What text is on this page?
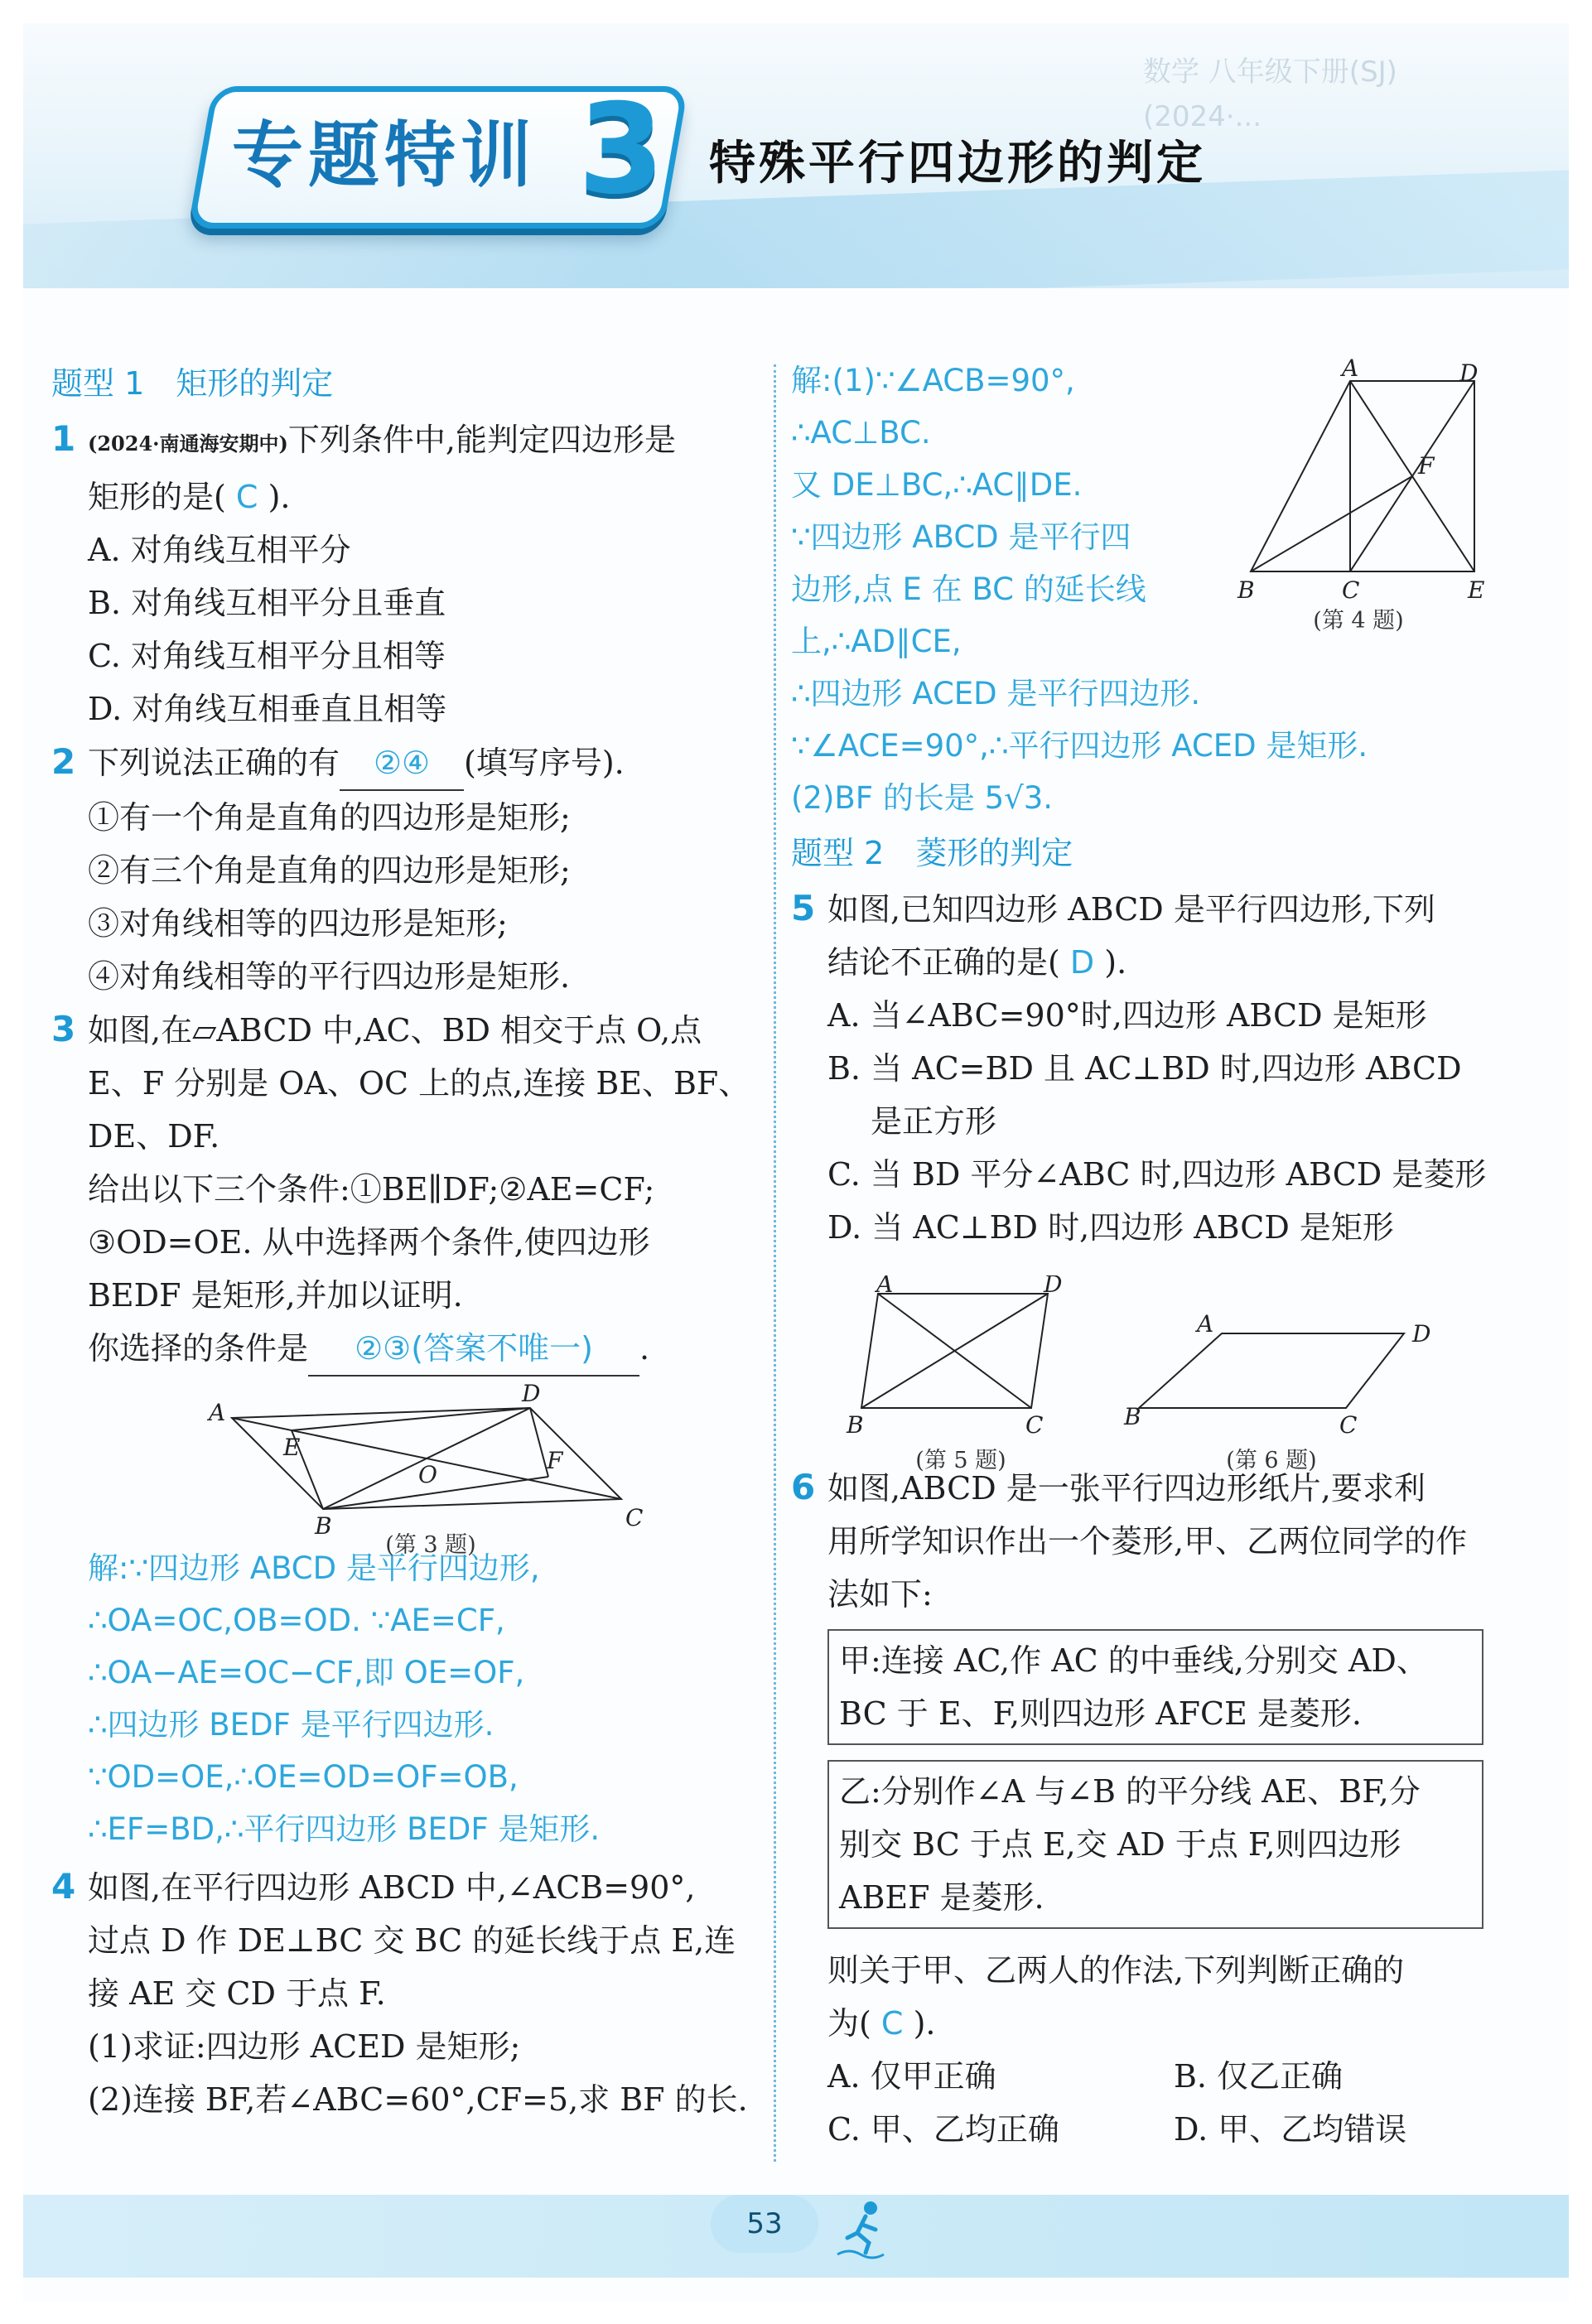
数学 八年级下册(SJ)
(2024·...
专题特训 3 特殊平行四边形的判定

题型 1　矩形的判定

1 (2024·南通海安期中)下列条件中,能判定四边形是

矩形的是( C ).

A. 对角线互相平分

B. 对角线互相平分且垂直

C. 对角线互相平分且相等

D. 对角线互相垂直且相等

2 下列说法正确的有 ②④ (填写序号).

①有一个角是直角的四边形是矩形;

②有三个角是直角的四边形是矩形;

③对角线相等的四边形是矩形;

④对角线相等的平行四边形是矩形.

3 如图,在▱ABCD 中,AC、BD 相交于点 O,点

E、F 分别是 OA、OC 上的点,连接 BE、BF、

DE、DF.

给出以下三个条件:①BE∥DF;②AE=CF;

③OD=OE. 从中选择两个条件,使四边形

BEDF 是矩形,并加以证明.

你选择的条件是 ②③(答案不唯一) .

解:∵四边形 ABCD 是平行四边形,
∴OA=OC,OB=OD. ∵AE=CF,
∴OA−AE=OC−CF,即 OE=OF,
∴四边形 BEDF 是平行四边形.
∵OD=OE,∴OE=OD=OF=OB,
∴EF=BD,∴平行四边形 BEDF 是矩形.

4 如图,在平行四边形 ABCD 中,∠ACB=90°,

过点 D 作 DE⊥BC 交 BC 的延长线于点 E,连

接 AE 交 CD 于点 F.

(1)求证:四边形 ACED 是矩形;

(2)连接 BF,若∠ABC=60°,CF=5,求 BF 的长.

A
D
E
O
F
B	C
(第 3 题)
解:(1)∵∠ACB=90°,
∴AC⊥BC.
又 DE⊥BC,∴AC∥DE.
∵四边形 ABCD 是平行四
边形,点 E 在 BC 的延长线
上,∴AD∥CE,
∴四边形 ACED 是平行四边形.
∵∠ACE=90°,∴平行四边形 ACED 是矩形.
(2)BF 的长是 5√3.

题型 2　菱形的判定

5 如图,已知四边形 ABCD 是平行四边形,下列

结论不正确的是( D ).

A. 当∠ABC=90°时,四边形 ABCD 是矩形

B. 当 AC=BD 且 AC⊥BD 时,四边形 ABCD

是正方形

C. 当 BD 平分∠ABC 时,四边形 ABCD 是菱形

D. 当 AC⊥BD 时,四边形 ABCD 是矩形

6 如图,ABCD 是一张平行四边形纸片,要求利

用所学知识作出一个菱形,甲、乙两位同学的作

法如下:

甲:连接 AC,作 AC 的中垂线,分别交 AD、

BC 于 E、F,则四边形 AFCE 是菱形.

乙:分别作∠A 与∠B 的平分线 AE、BF,分

别交 BC 于点 E,交 AD 于点 F,则四边形

ABEF 是菱形.

则关于甲、乙两人的作法,下列判断正确的

为( C ).

A. 仅甲正确	B. 仅乙正确
C. 甲、乙均正确	D. 甲、乙均错误
A	D
F
B	C	E
(第 4 题)
A	D
B	C
(第 5 题)
A	D
B	C
(第 6 题)
53
